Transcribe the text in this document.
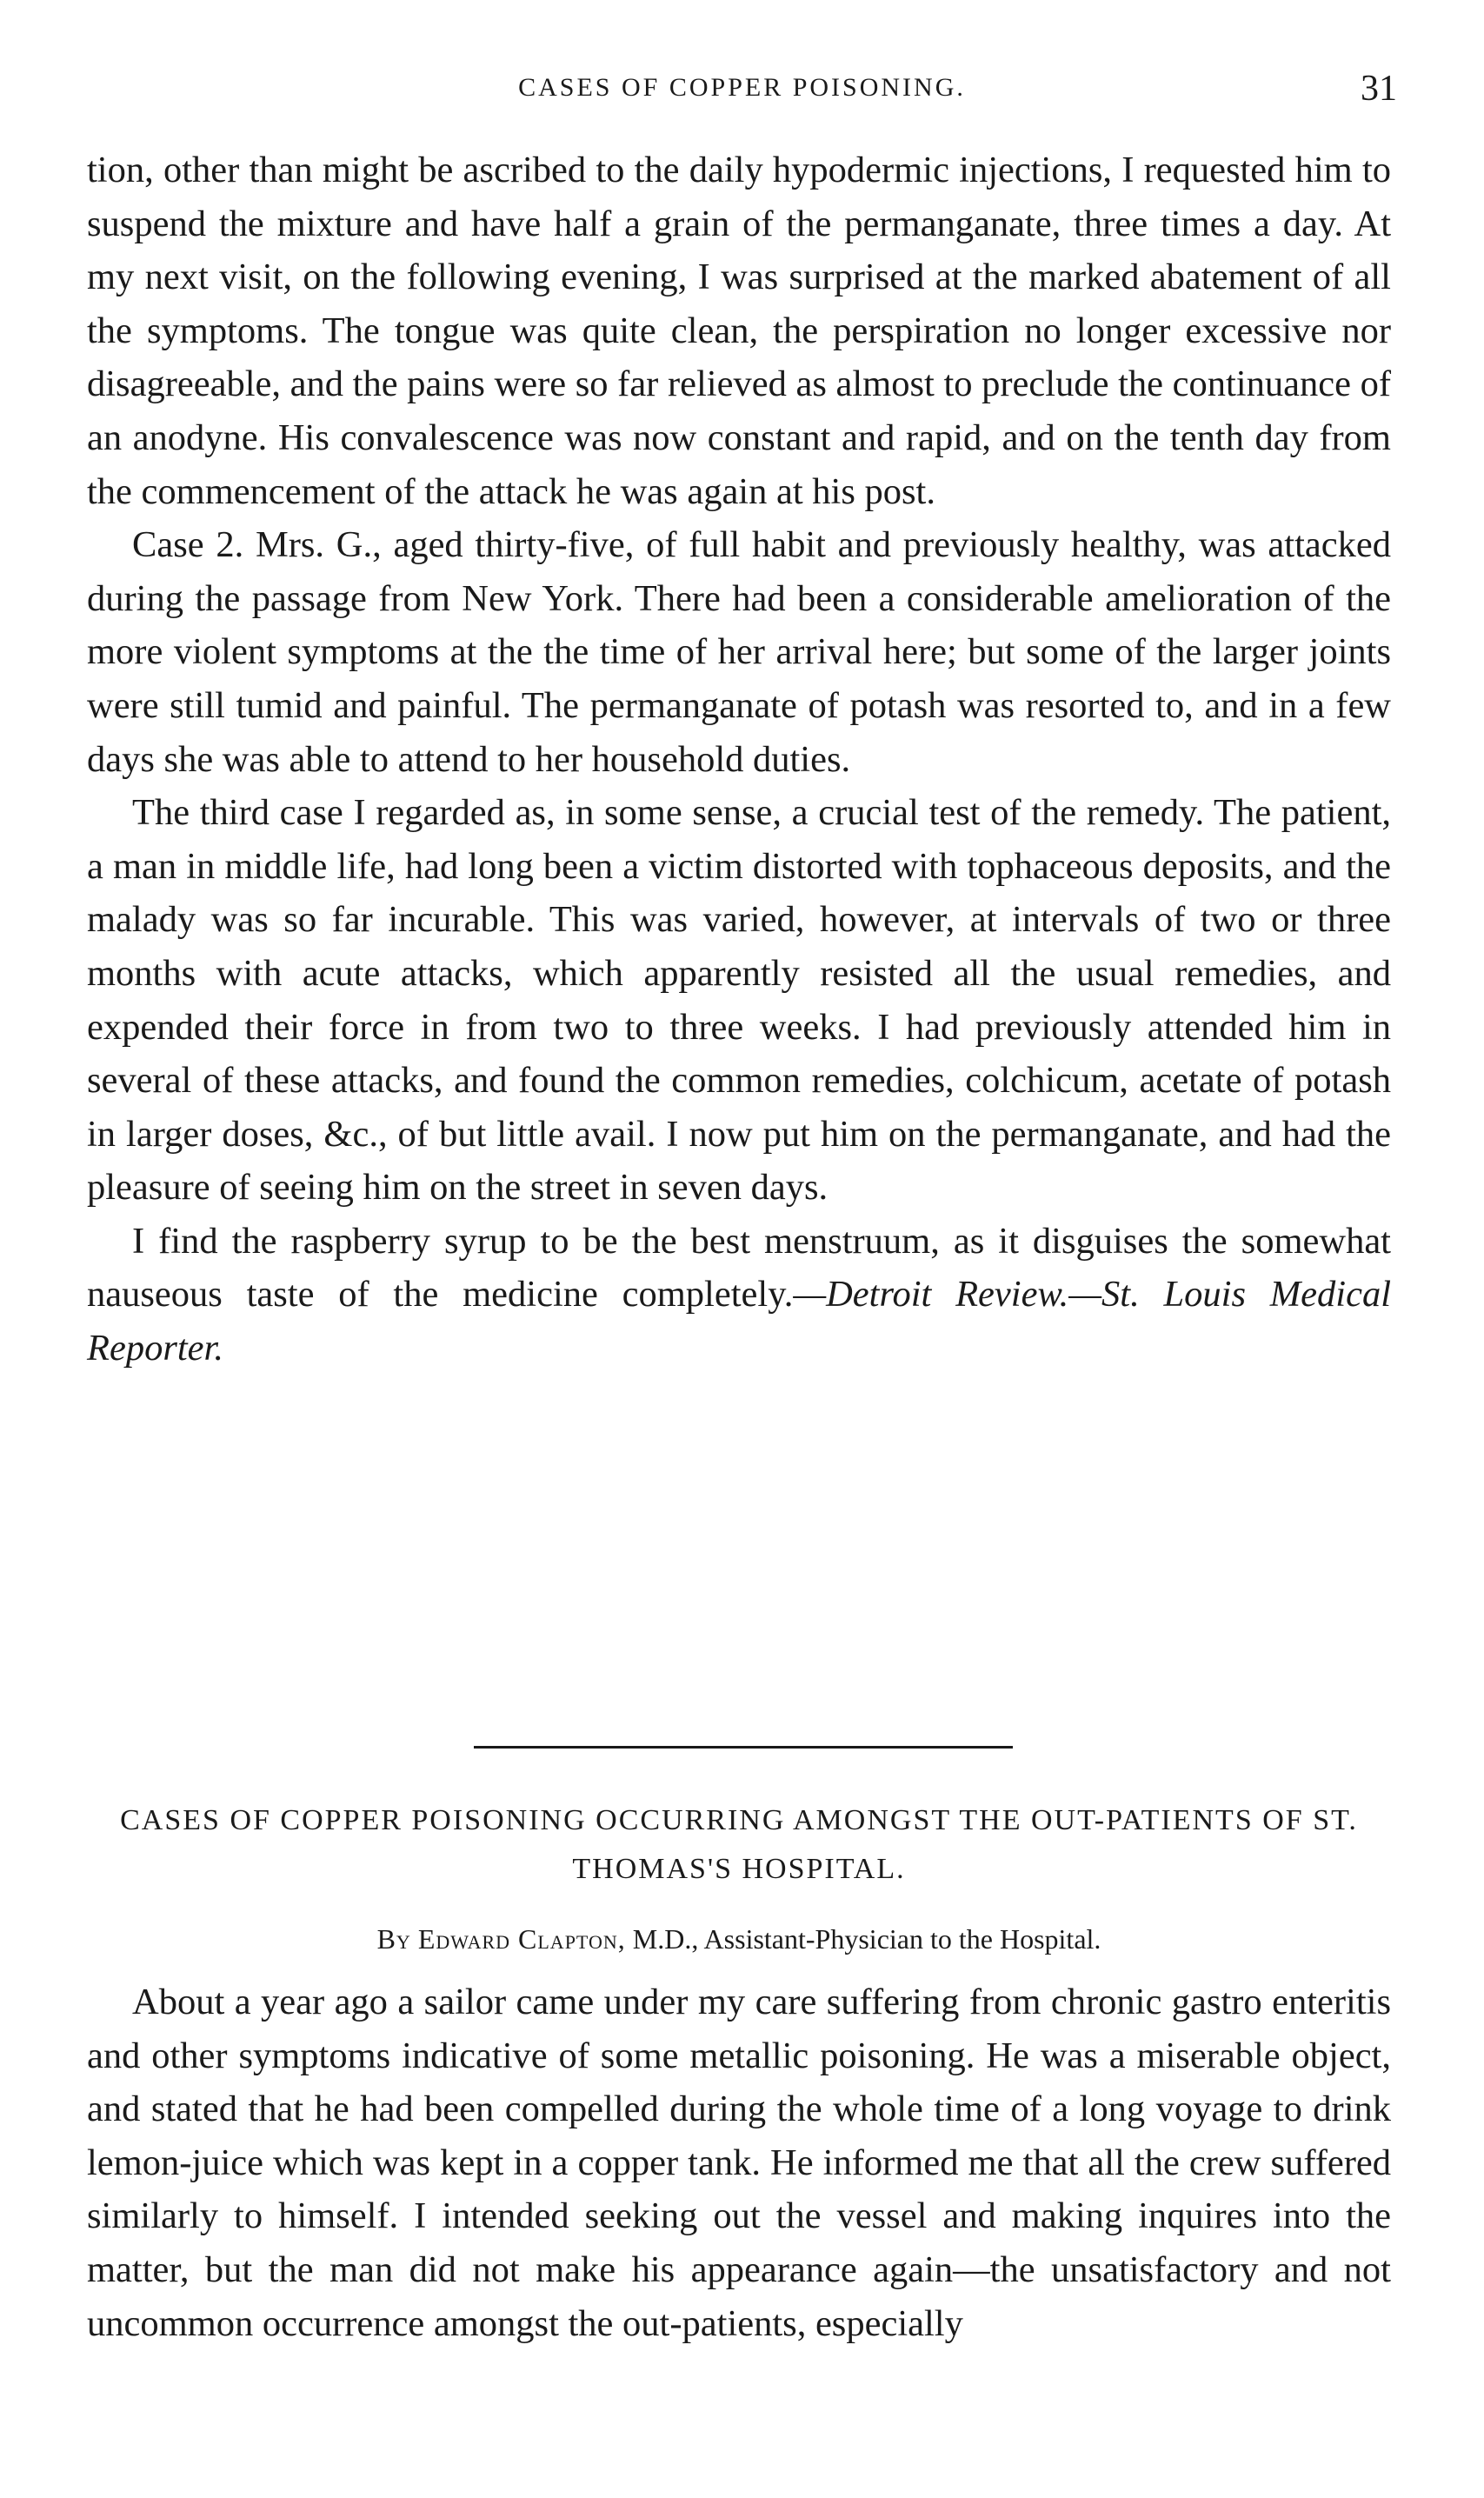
CASES OF COPPER POISONING.	31

tion, other than might be ascribed to the daily hypodermic injections, I requested him to suspend the mixture and have half a grain of the permanganate, three times a day. At my next visit, on the following evening, I was surprised at the marked abatement of all the symptoms. The tongue was quite clean, the perspiration no longer excessive nor disagreeable, and the pains were so far relieved as almost to preclude the continuance of an anodyne. His convalescence was now constant and rapid, and on the tenth day from the commencement of the attack he was again at his post.

Case 2. Mrs. G., aged thirty-five, of full habit and previously healthy, was attacked during the passage from New York. There had been a considerable amelioration of the more violent symptoms at the the time of her arrival here; but some of the larger joints were still tumid and painful. The permanganate of potash was resorted to, and in a few days she was able to attend to her household duties.

The third case I regarded as, in some sense, a crucial test of the remedy. The patient, a man in middle life, had long been a victim distorted with tophaceous deposits, and the malady was so far incurable. This was varied, however, at intervals of two or three months with acute attacks, which apparently resisted all the usual remedies, and expended their force in from two to three weeks. I had previously attended him in several of these attacks, and found the common remedies, colchicum, acetate of potash in larger doses, &c., of but little avail. I now put him on the permanganate, and had the pleasure of seeing him on the street in seven days.

I find the raspberry syrup to be the best menstruum, as it disguises the somewhat nauseous taste of the medicine completely.—Detroit Review.—St. Louis Medical Reporter.

CASES OF COPPER POISONING OCCURRING AMONGST THE OUT-PATIENTS OF ST. THOMAS'S HOSPITAL.
By Edward Clapton, M.D., Assistant-Physician to the Hospital.

About a year ago a sailor came under my care suffering from chronic gastro enteritis and other symptoms indicative of some metallic poisoning. He was a miserable object, and stated that he had been compelled during the whole time of a long voyage to drink lemon-juice which was kept in a copper tank. He informed me that all the crew suffered similarly to himself. I intended seeking out the vessel and making inquires into the matter, but the man did not make his appearance again—the unsatisfactory and not uncommon occurrence amongst the out-patients, especially
